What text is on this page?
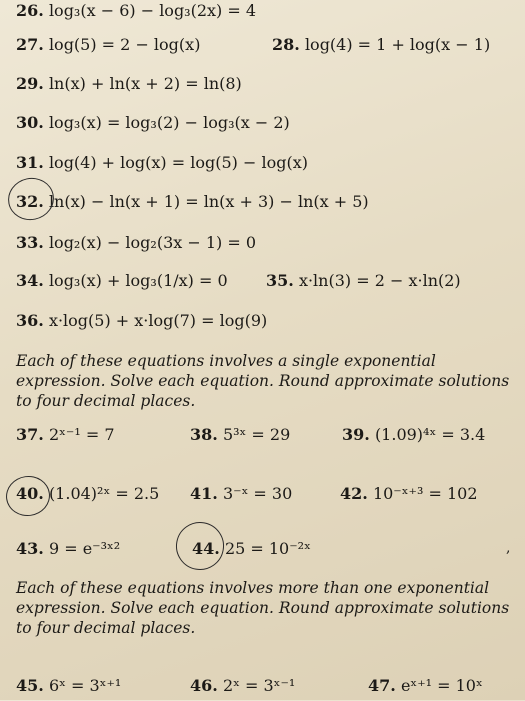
26. log₃(x − 6) − log₃(2x) = 4
27. log(5) = 2 − log(x)	28. log(4) = 1 + log(x − 1)
29. ln(x) + ln(x + 2) = ln(8)
30. log₃(x) = log₃(2) − log₃(x − 2)
31. log(4) + log(x) = log(5) − log(x)
32. ln(x) − ln(x + 1) = ln(x + 3) − ln(x + 5)
33. log₂(x) − log₂(3x − 1) = 0
34. log₃(x) + log₃(1/x) = 0 35. x·ln(3) = 2 − x·ln(2)
36. x·log(5) + x·log(7) = log(9)
Each of these equations involves a single exponential expression. Solve each equation. Round approximate solutions to four decimal places.
37. 2ˣ⁻¹ = 7	38. 5³ˣ = 29	39. (1.09)⁴ˣ = 3.4
40. (1.04)²ˣ = 2.5 41. 3⁻ˣ = 30	42. 10⁻ˣ⁺³ = 102
43. 9 = e⁻³ˣ²	44. 25 = 10⁻²ˣ	,
Each of these equations involves more than one exponential expression. Solve each equation. Round approximate solutions to four decimal places.
45. 6ˣ = 3ˣ⁺¹	46. 2ˣ = 3ˣ⁻¹	47. eˣ⁺¹ = 10ˣ
